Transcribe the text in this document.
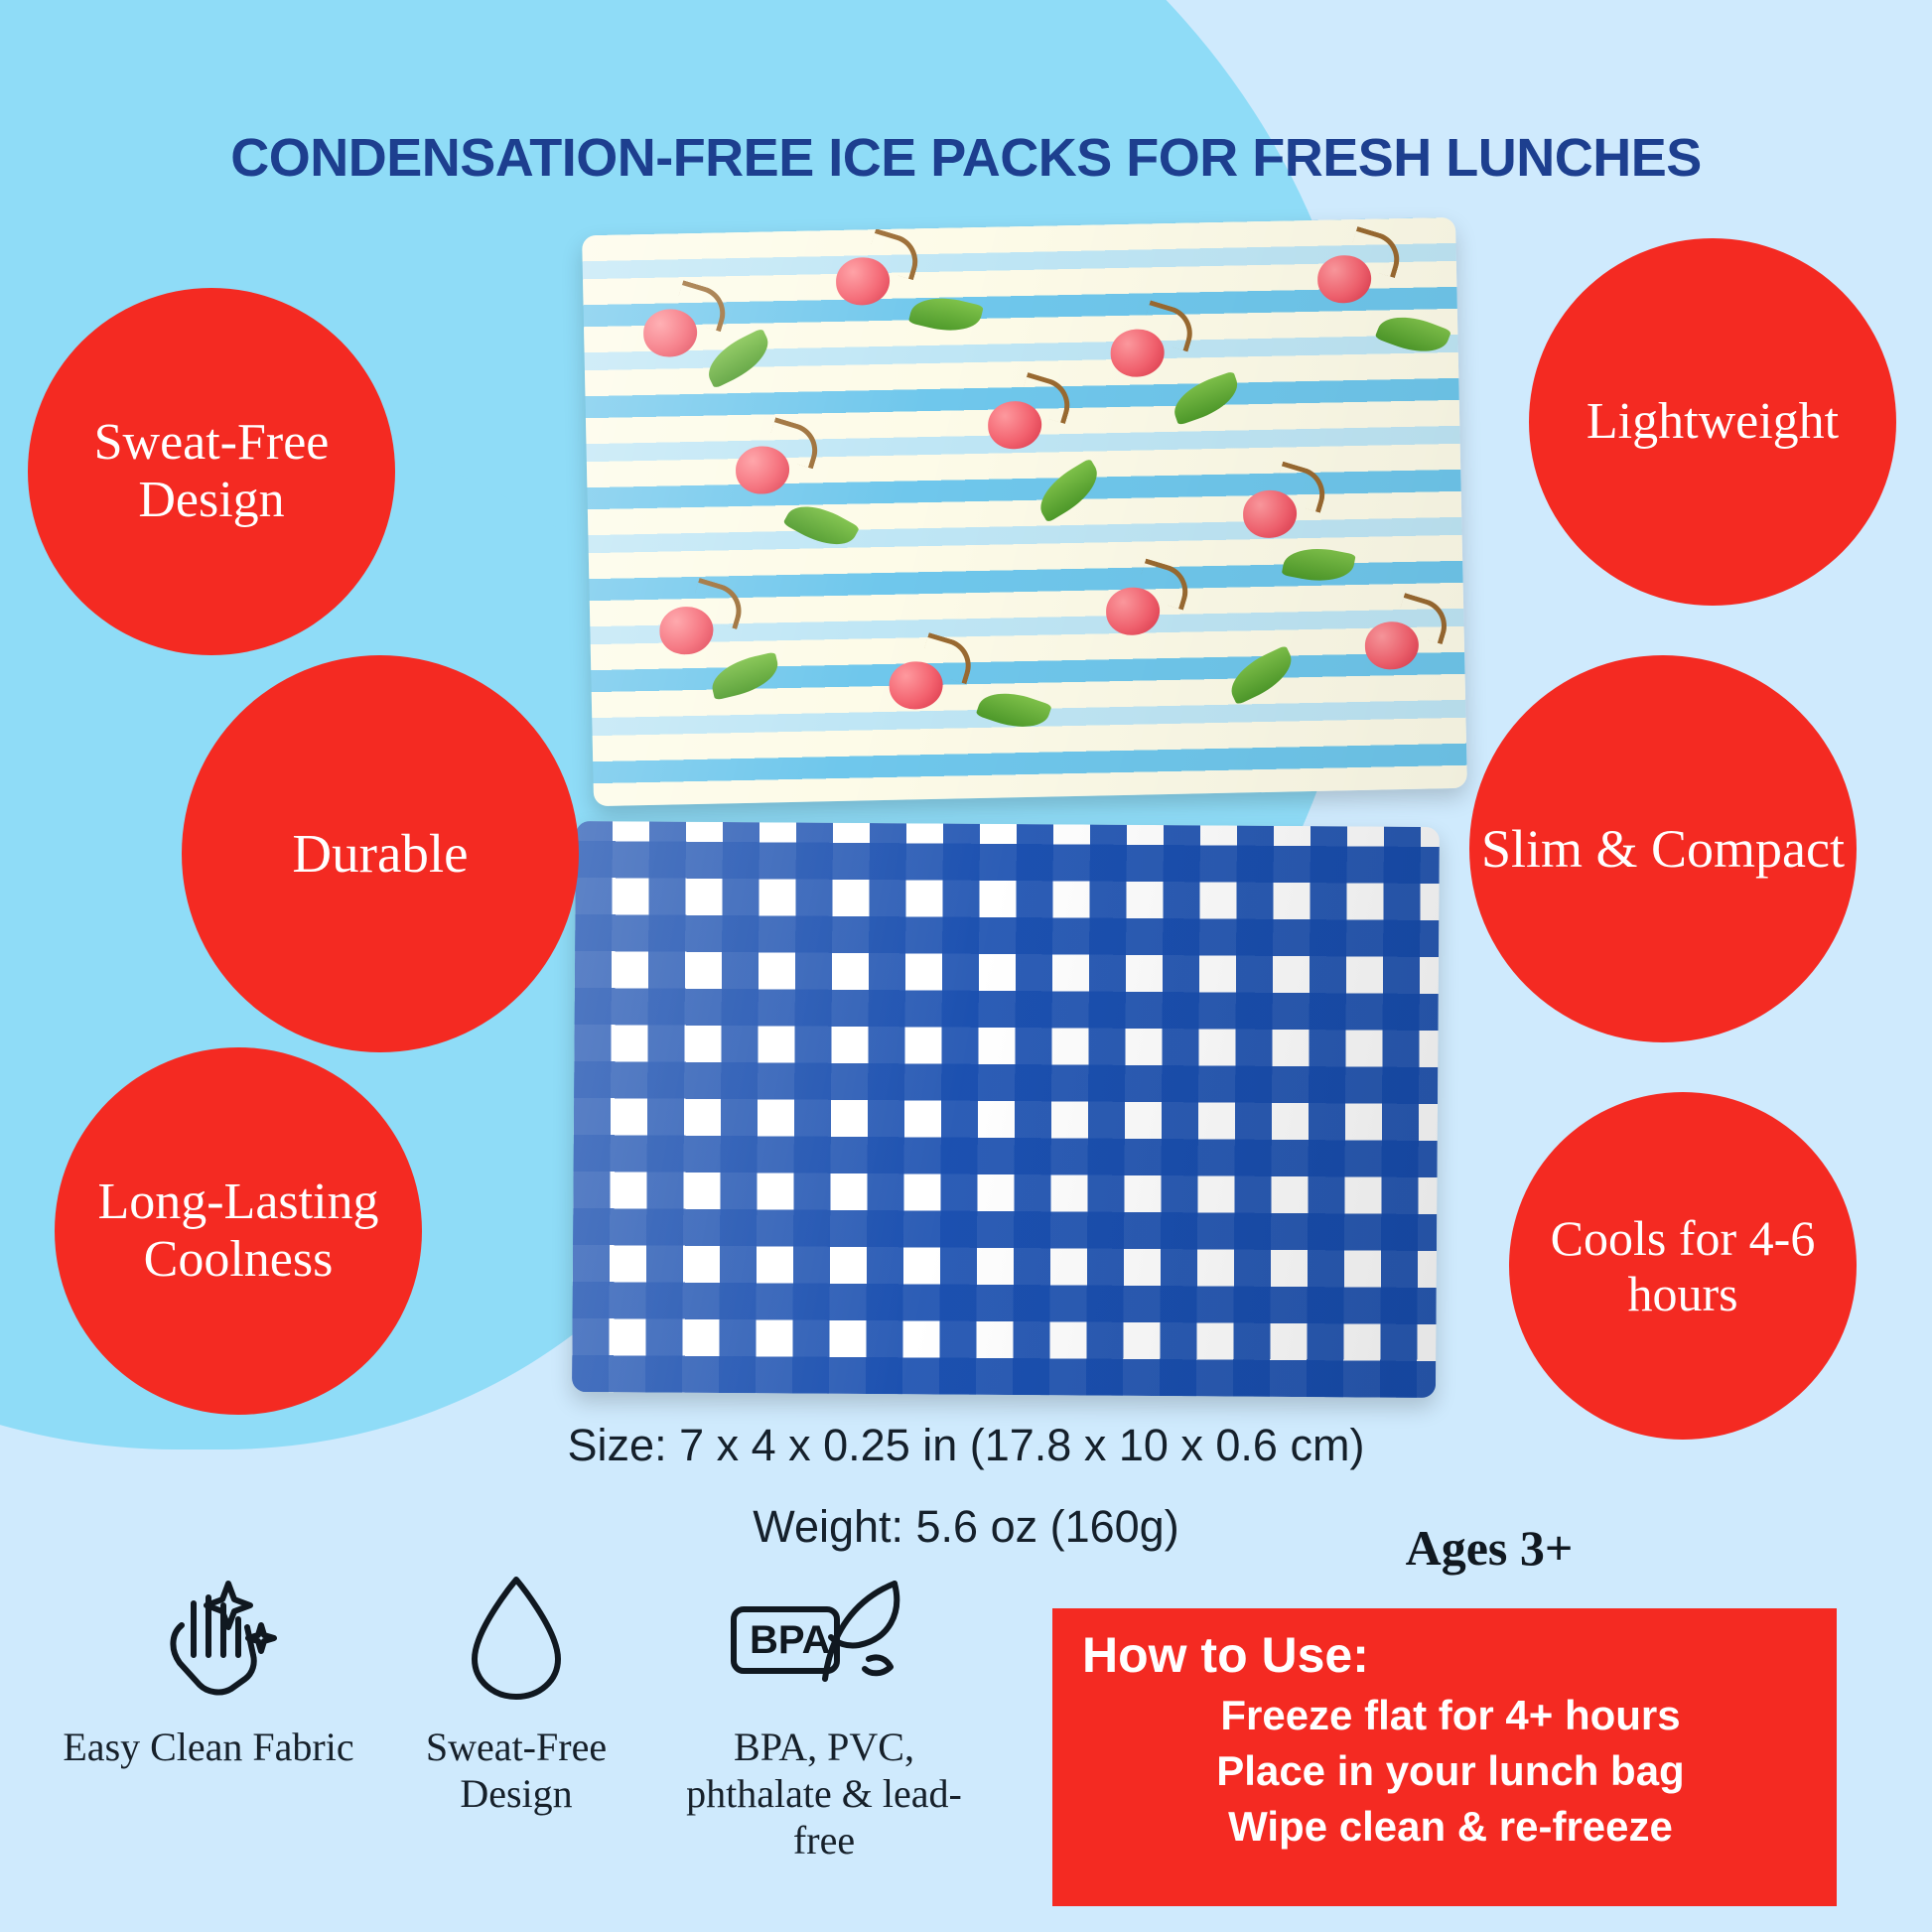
CONDENSATION-FREE ICE PACKS FOR FRESH LUNCHES
Sweat-Free Design
Durable
Long-Lasting Coolness
Lightweight
Slim & Compact
Cools for 4-6 hours
Size: 7 x 4 x 0.25 in (17.8 x 10 x 0.6 cm)
Weight: 5.6 oz (160g)	Ages 3+
Easy Clean Fabric	Sweat-Free Design
BPA
BPA, PVC, phthalate & lead-free
How to Use:
Freeze flat for 4+ hours
Place in your lunch bag
Wipe clean & re-freeze
